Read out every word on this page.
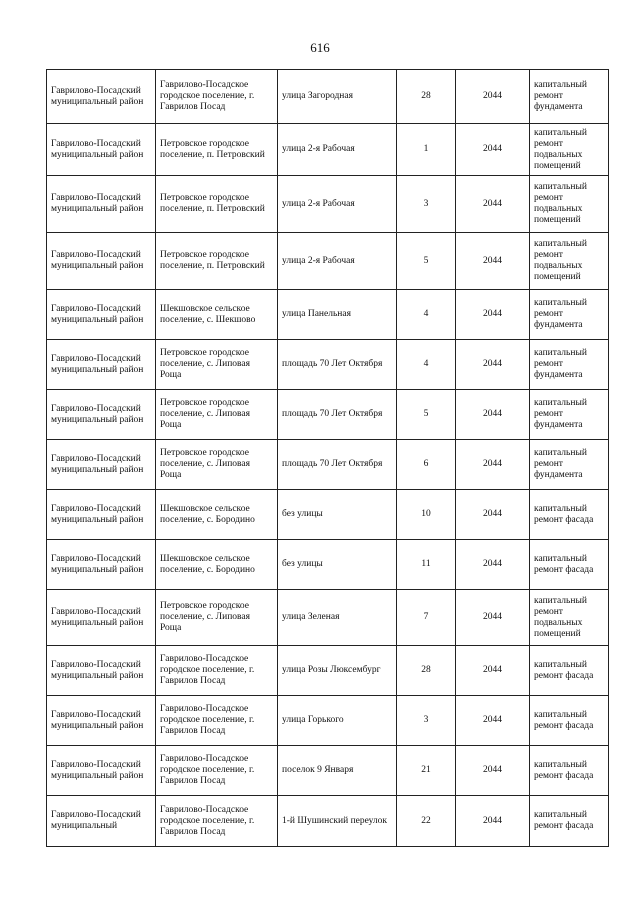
616
Гаврилово-Посадский муниципальный район	Гаврилово-Посадское городское поселение, г. Гаврилов Посад	улица Загородная	28	2044	капитальный ремонт фундамента
Гаврилово-Посадский муниципальный район	Петровское городское поселение, п. Петровский	улица 2-я Рабочая	1	2044	капитальный ремонт подвальных помещений
Гаврилово-Посадский муниципальный район	Петровское городское поселение, п. Петровский	улица 2-я Рабочая	3	2044	капитальный ремонт подвальных помещений
Гаврилово-Посадский муниципальный район	Петровское городское поселение, п. Петровский	улица 2-я Рабочая	5	2044	капитальный ремонт подвальных помещений
Гаврилово-Посадский муниципальный район	Шекшовское сельское поселение, с. Шекшово	улица Панельная	4	2044	капитальный ремонт фундамента
Гаврилово-Посадский муниципальный район	Петровское городское поселение, с. Липовая Роща	площадь 70 Лет Октября	4	2044	капитальный ремонт фундамента
Гаврилово-Посадский муниципальный район	Петровское городское поселение, с. Липовая Роща	площадь 70 Лет Октября	5	2044	капитальный ремонт фундамента
Гаврилово-Посадский муниципальный район	Петровское городское поселение, с. Липовая Роща	площадь 70 Лет Октября	6	2044	капитальный ремонт фундамента
Гаврилово-Посадский муниципальный район	Шекшовское сельское поселение, с. Бородино	без улицы	10	2044	капитальный ремонт фасада
Гаврилово-Посадский муниципальный район	Шекшовское сельское поселение, с. Бородино	без улицы	11	2044	капитальный ремонт фасада
Гаврилово-Посадский муниципальный район	Петровское городское поселение, с. Липовая Роща	улица Зеленая	7	2044	капитальный ремонт подвальных помещений
Гаврилово-Посадский муниципальный район	Гаврилово-Посадское городское поселение, г. Гаврилов Посад	улица Розы Люксембург	28	2044	капитальный ремонт фасада
Гаврилово-Посадский муниципальный район	Гаврилово-Посадское городское поселение, г. Гаврилов Посад	улица Горького	3	2044	капитальный ремонт фасада
Гаврилово-Посадский муниципальный район	Гаврилово-Посадское городское поселение, г. Гаврилов Посад	поселок 9 Января	21	2044	капитальный ремонт фасада
Гаврилово-Посадский муниципальный	Гаврилово-Посадское городское поселение, г. Гаврилов Посад	1-й Шушинский переулок	22	2044	капитальный ремонт фасада
